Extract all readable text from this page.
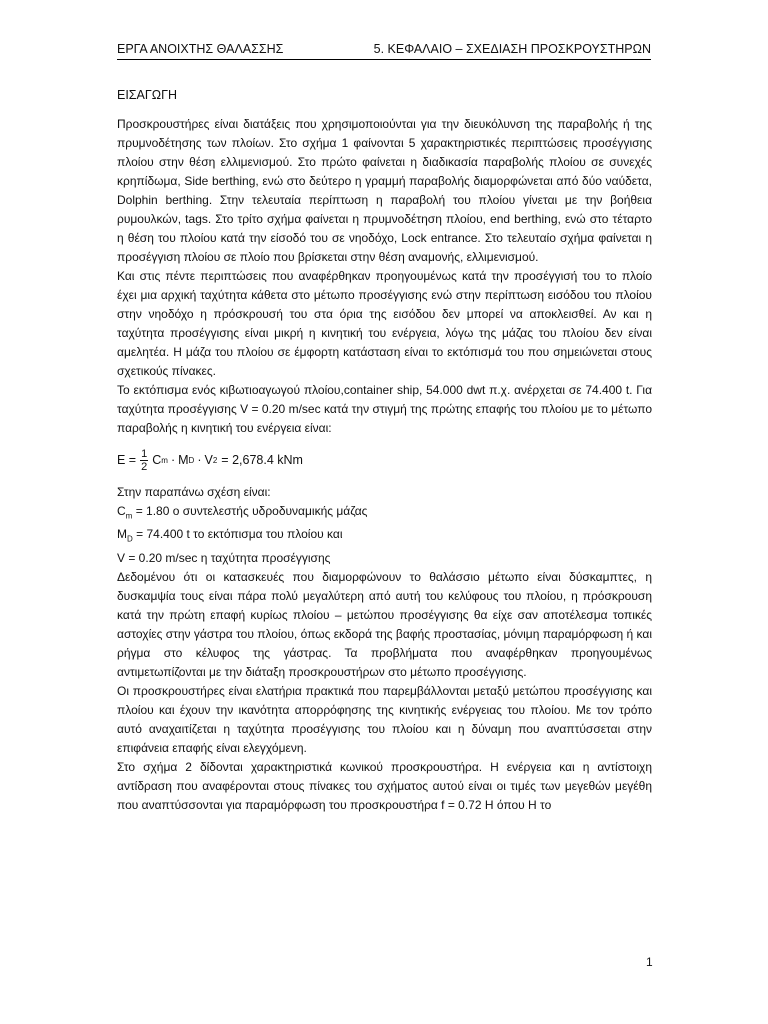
ΕΡΓΑ ΑΝΟΙΧΤΗΣ ΘΑΛΑΣΣΗΣ	5. ΚΕΦΑΛΑΙΟ – ΣΧΕΔΙΑΣΗ ΠΡΟΣΚΡΟΥΣΤΗΡΩΝ
ΕΙΣΑΓΩΓΗ

Προσκρουστήρες είναι διατάξεις που χρησιμοποιούνται για την διευκόλυνση της παραβολής ή της πρυμνοδέτησης των πλοίων. Στο σχήμα 1 φαίνονται 5 χαρακτηριστικές περιπτώσεις προσέγγισης πλοίου στην θέση ελλιμενισμού. Στο πρώτο φαίνεται η διαδικασία παραβολής πλοίου σε συνεχές κρηπίδωμα, Side berthing, ενώ στο δεύτερο η γραμμή παραβολής διαμορφώνεται από δύο ναύδετα, Dolphin berthing. Στην τελευταία περίπτωση η παραβολή του πλοίου γίνεται με την βοήθεια ρυμουλκών, tags. Στο τρίτο σχήμα φαίνεται η πρυμνοδέτηση πλοίου, end berthing, ενώ στο τέταρτο η θέση του πλοίου κατά την είσοδό του σε νηοδόχο, Lock entrance. Στο τελευταίο σχήμα φαίνεται η προσέγγιση πλοίου σε πλοίο που βρίσκεται στην θέση αναμονής, ελλιμενισμού.

Και στις πέντε περιπτώσεις που αναφέρθηκαν προηγουμένως κατά την προσέγγισή του το πλοίο έχει μια αρχική ταχύτητα κάθετα στο μέτωπο προσέγγισης ενώ στην περίπτωση εισόδου του πλοίου στην νηοδόχο η πρόσκρουσή του στα όρια της εισόδου δεν μπορεί να αποκλεισθεί. Αν και η ταχύτητα προσέγγισης είναι μικρή η κινητική του ενέργεια, λόγω της μάζας του πλοίου δεν είναι αμελητέα. Η μάζα του πλοίου σε έμφορτη κατάσταση είναι το εκτόπισμά του που σημειώνεται στους σχετικούς πίνακες.

Το εκτόπισμα ενός κιβωτιοαγωγού πλοίου,container ship, 54.000 dwt π.χ. ανέρχεται σε 74.400 t. Για ταχύτητα προσέγγισης V = 0.20 m/sec κατά την στιγμή της πρώτης επαφής του πλοίου με το μέτωπο παραβολής η κινητική του ενέργεια είναι:

$E = \frac{1}{2}$ C m · M D · V 2 = 2,678.4 kNm

Στην παραπάνω σχέση είναι:

$C_m = 1.80$ ο συντελεστής υδροδυναμικής μάζας

$M_D = 74.400$ t το εκτόπισμα του πλοίου και

V = 0.20 m/sec η ταχύτητα προσέγγισης

Δεδομένου ότι οι κατασκευές που διαμορφώνουν το θαλάσσιο μέτωπο είναι δύσκαμπτες, η δυσκαμψία τους είναι πάρα πολύ μεγαλύτερη από αυτή του κελύφους του πλοίου, η πρόσκρουση κατά την πρώτη επαφή κυρίως πλοίου – μετώπου προσέγγισης θα είχε σαν αποτέλεσμα τοπικές αστοχίες στην γάστρα του πλοίου, όπως εκδορά της βαφής προστασίας, μόνιμη παραμόρφωση ή και ρήγμα στο κέλυφος της γάστρας. Τα προβλήματα που αναφέρθηκαν προηγουμένως αντιμετωπίζονται με την διάταξη προσκρουστήρων στο μέτωπο προσέγγισης.

Οι προσκρουστήρες είναι ελατήρια πρακτικά που παρεμβάλλονται μεταξύ μετώπου προσέγγισης και πλοίου και έχουν την ικανότητα απορρόφησης της κινητικής ενέργειας του πλοίου. Με τον τρόπο αυτό αναχαιτίζεται η ταχύτητα προσέγγισης του πλοίου και η δύναμη που αναπτύσσεται στην επιφάνεια επαφής είναι ελεγχόμενη.

Στο σχήμα 2 δίδονται χαρακτηριστικά κωνικού προσκρουστήρα. Η ενέργεια και η αντίστοιχη αντίδραση που αναφέρονται στους πίνακες του σχήματος αυτού είναι οι τιμές των μεγεθών μεγέθη που αναπτύσσονται για παραμόρφωση του προσκρουστήρα f = 0.72 H όπου H το

1
